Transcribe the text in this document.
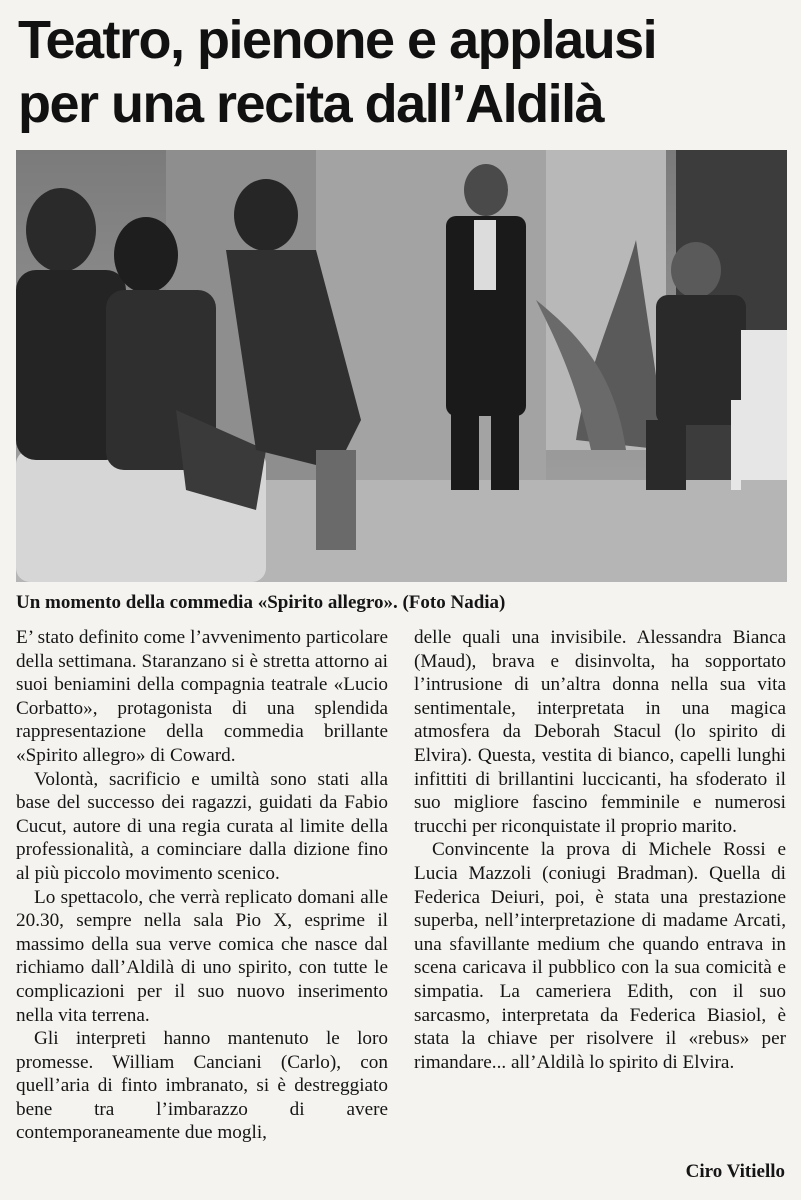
Teatro, pienone e applausi
per una recita dall’Aldilà

Un momento della commedia «Spirito allegro». (Foto Nadia)

E’ stato definito come l’avvenimento particolare della settimana. Staranzano si è stretta attorno ai suoi beniamini della compagnia teatrale «Lucio Corbatto», protagonista di una splendida rappresentazione della commedia brillante «Spirito allegro» di Coward.

Volontà, sacrificio e umiltà sono stati alla base del successo dei ragazzi, guidati da Fabio Cucut, autore di una regia curata al limite della professionalità, a cominciare dalla dizione fino al più piccolo movimento scenico.

Lo spettacolo, che verrà replicato domani alle 20.30, sempre nella sala Pio X, esprime il massimo della sua verve comica che nasce dal richiamo dall’Aldilà di uno spirito, con tutte le complicazioni per il suo nuovo inserimento nella vita terrena.

Gli interpreti hanno mantenuto le loro promesse. William Canciani (Carlo), con quell’aria di finto imbranato, si è destreggiato bene tra l’imbarazzo di avere contemporaneamente due mogli,

delle quali una invisibile. Alessandra Bianca (Maud), brava e disinvolta, ha sopportato l’intrusione di un’altra donna nella sua vita sentimentale, interpretata in una magica atmosfera da Deborah Stacul (lo spirito di Elvira). Questa, vestita di bianco, capelli lunghi infittiti di brillantini luccicanti, ha sfoderato il suo migliore fascino femminile e numerosi trucchi per riconquistate il proprio marito.

Convincente la prova di Michele Rossi e Lucia Mazzoli (coniugi Bradman). Quella di Federica Deiuri, poi, è stata una prestazione superba, nell’interpretazione di madame Arcati, una sfavillante medium che quando entrava in scena caricava il pubblico con la sua comicità e simpatia. La cameriera Edith, con il suo sarcasmo, interpretata da Federica Biasiol, è stata la chiave per risolvere il «rebus» per rimandare... all’Aldilà lo spirito di Elvira.

Ciro Vitiello
